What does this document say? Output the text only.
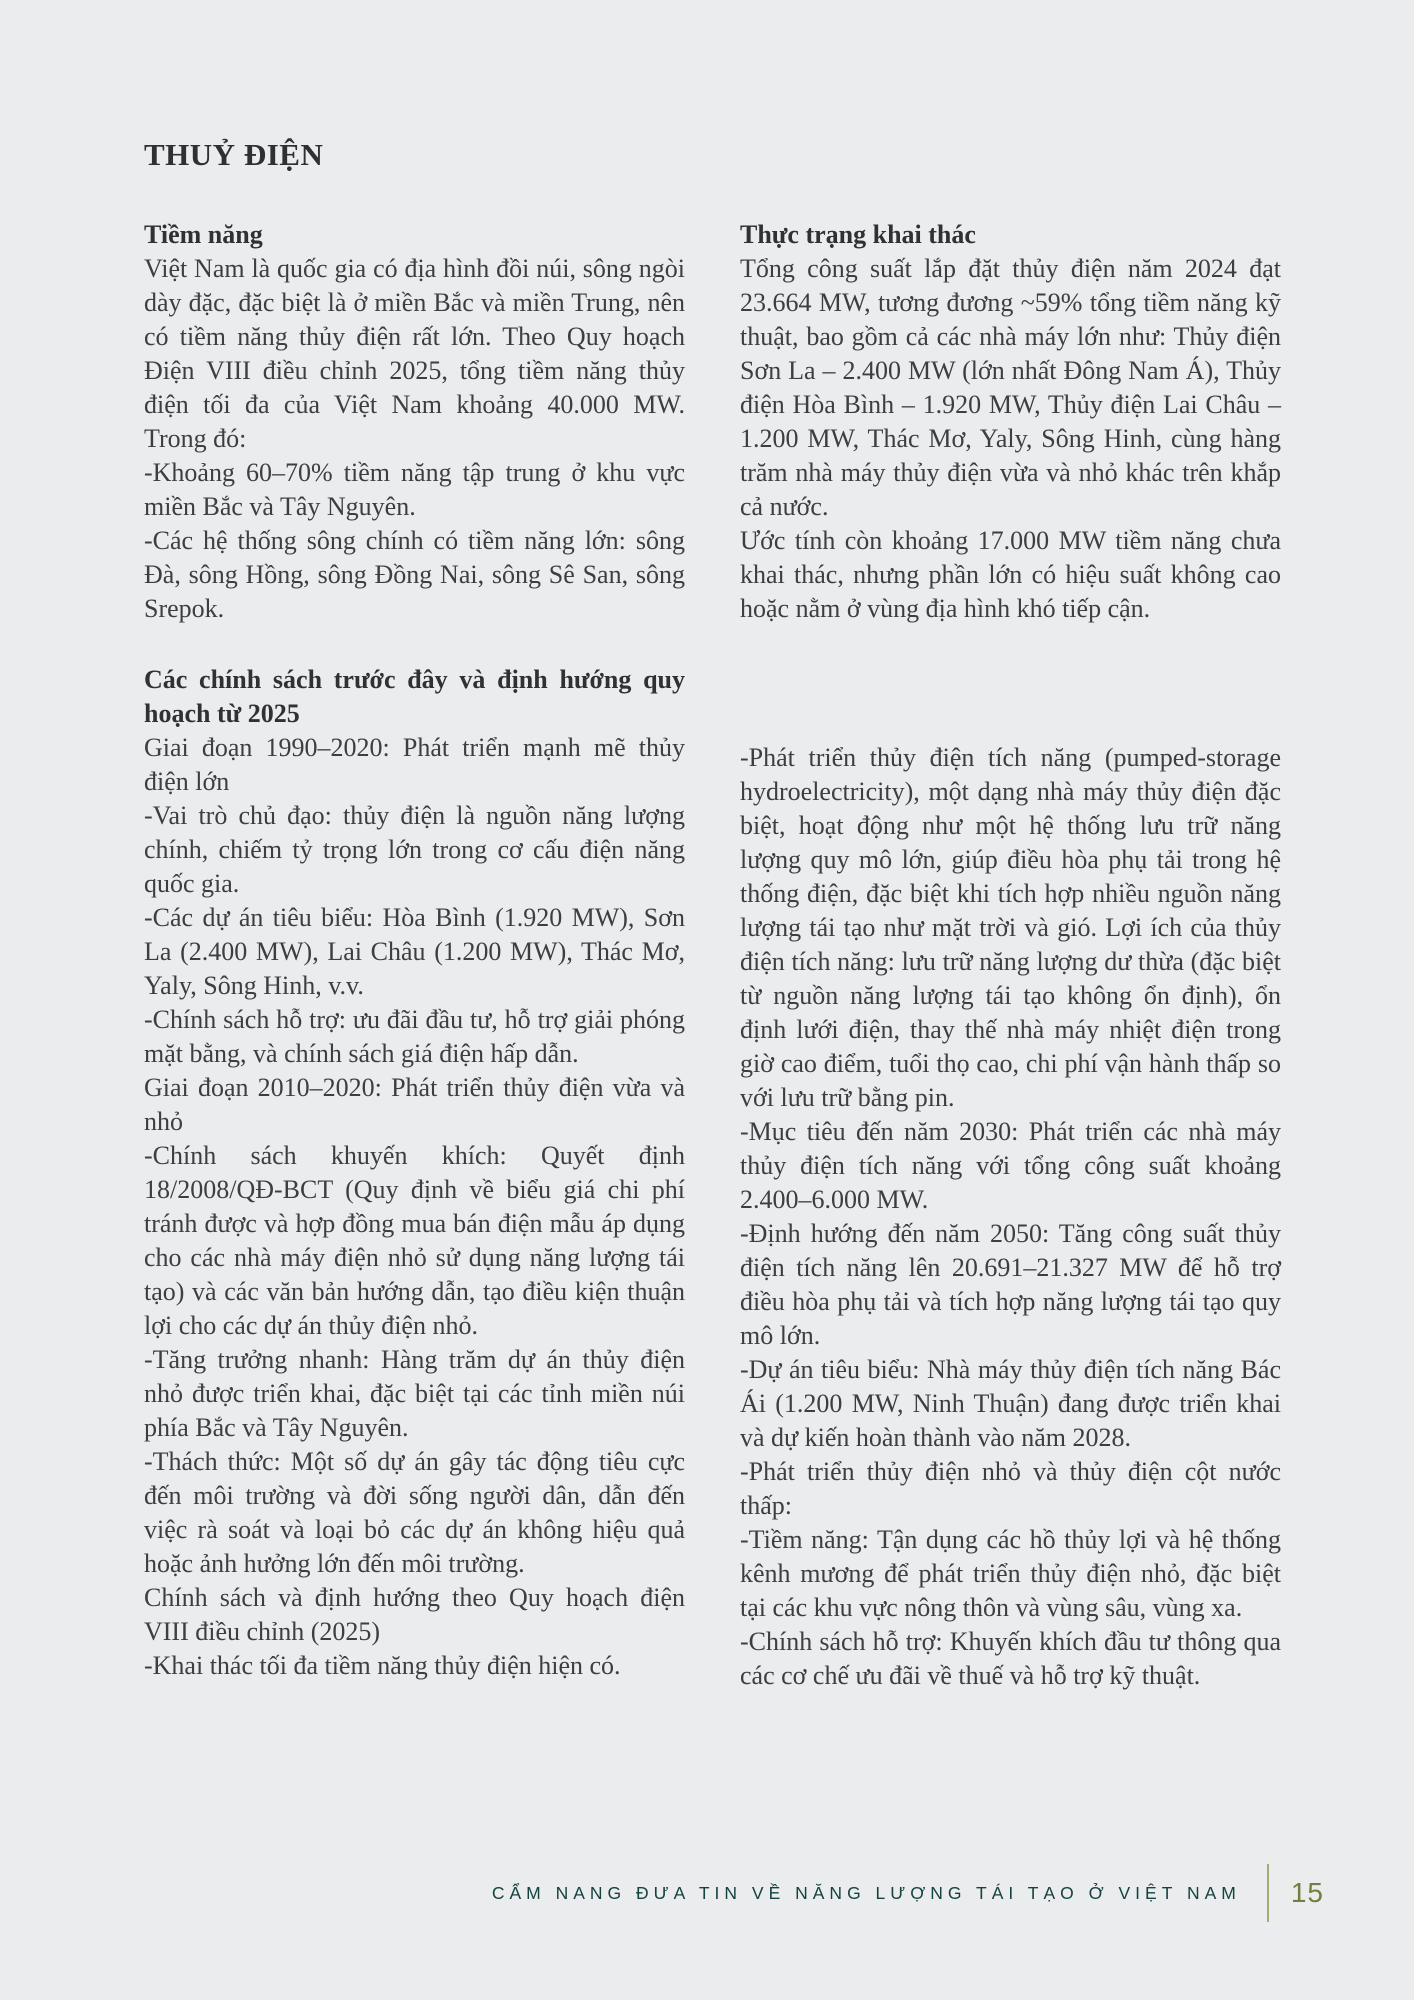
THUỶ ĐIỆN
Tiềm năng

Việt Nam là quốc gia có địa hình đồi núi, sông ngòi dày đặc, đặc biệt là ở miền Bắc và miền Trung, nên có tiềm năng thủy điện rất lớn. Theo Quy hoạch Điện VIII điều chỉnh 2025, tổng tiềm năng thủy điện tối đa của Việt Nam khoảng 40.000 MW. Trong đó:

-Khoảng 60–70% tiềm năng tập trung ở khu vực miền Bắc và Tây Nguyên.

-Các hệ thống sông chính có tiềm năng lớn: sông Đà, sông Hồng, sông Đồng Nai, sông Sê San, sông Srepok.

Các chính sách trước đây và định hướng quy hoạch từ 2025

Giai đoạn 1990–2020: Phát triển mạnh mẽ thủy điện lớn

-Vai trò chủ đạo: thủy điện là nguồn năng lượng chính, chiếm tỷ trọng lớn trong cơ cấu điện năng quốc gia.

-Các dự án tiêu biểu: Hòa Bình (1.920 MW), Sơn La (2.400 MW), Lai Châu (1.200 MW), Thác Mơ, Yaly, Sông Hinh, v.v.

-Chính sách hỗ trợ: ưu đãi đầu tư, hỗ trợ giải phóng mặt bằng, và chính sách giá điện hấp dẫn.

Giai đoạn 2010–2020: Phát triển thủy điện vừa và nhỏ

-Chính sách khuyến khích: Quyết định 18/2008/QĐ-BCT (Quy định về biểu giá chi phí tránh được và hợp đồng mua bán điện mẫu áp dụng cho các nhà máy điện nhỏ sử dụng năng lượng tái tạo) và các văn bản hướng dẫn, tạo điều kiện thuận lợi cho các dự án thủy điện nhỏ.

-Tăng trưởng nhanh: Hàng trăm dự án thủy điện nhỏ được triển khai, đặc biệt tại các tỉnh miền núi phía Bắc và Tây Nguyên.

-Thách thức: Một số dự án gây tác động tiêu cực đến môi trường và đời sống người dân, dẫn đến việc rà soát và loại bỏ các dự án không hiệu quả hoặc ảnh hưởng lớn đến môi trường.

Chính sách và định hướng theo Quy hoạch điện VIII điều chỉnh (2025)

-Khai thác tối đa tiềm năng thủy điện hiện có.

Thực trạng khai thác

Tổng công suất lắp đặt thủy điện năm 2024 đạt 23.664 MW, tương đương ~59% tổng tiềm năng kỹ thuật, bao gồm cả các nhà máy lớn như: Thủy điện Sơn La – 2.400 MW (lớn nhất Đông Nam Á), Thủy điện Hòa Bình – 1.920 MW, Thủy điện Lai Châu – 1.200 MW, Thác Mơ, Yaly, Sông Hinh, cùng hàng trăm nhà máy thủy điện vừa và nhỏ khác trên khắp cả nước.

Ước tính còn khoảng 17.000 MW tiềm năng chưa khai thác, nhưng phần lớn có hiệu suất không cao hoặc nằm ở vùng địa hình khó tiếp cận.

-Phát triển thủy điện tích năng (pumped-storage hydroelectricity), một dạng nhà máy thủy điện đặc biệt, hoạt động như một hệ thống lưu trữ năng lượng quy mô lớn, giúp điều hòa phụ tải trong hệ thống điện, đặc biệt khi tích hợp nhiều nguồn năng lượng tái tạo như mặt trời và gió. Lợi ích của thủy điện tích năng: lưu trữ năng lượng dư thừa (đặc biệt từ nguồn năng lượng tái tạo không ổn định), ổn định lưới điện, thay thế nhà máy nhiệt điện trong giờ cao điểm, tuổi thọ cao, chi phí vận hành thấp so với lưu trữ bằng pin.

-Mục tiêu đến năm 2030: Phát triển các nhà máy thủy điện tích năng với tổng công suất khoảng 2.400–6.000 MW.

-Định hướng đến năm 2050: Tăng công suất thủy điện tích năng lên 20.691–21.327 MW để hỗ trợ điều hòa phụ tải và tích hợp năng lượng tái tạo quy mô lớn.

-Dự án tiêu biểu: Nhà máy thủy điện tích năng Bác Ái (1.200 MW, Ninh Thuận) đang được triển khai và dự kiến hoàn thành vào năm 2028.

-Phát triển thủy điện nhỏ và thủy điện cột nước thấp:

-Tiềm năng: Tận dụng các hồ thủy lợi và hệ thống kênh mương để phát triển thủy điện nhỏ, đặc biệt tại các khu vực nông thôn và vùng sâu, vùng xa.

-Chính sách hỗ trợ: Khuyến khích đầu tư thông qua các cơ chế ưu đãi về thuế và hỗ trợ kỹ thuật.

CẨM NANG ĐƯA TIN VỀ NĂNG LƯỢNG TÁI TẠO Ở VIỆT NAM 15
